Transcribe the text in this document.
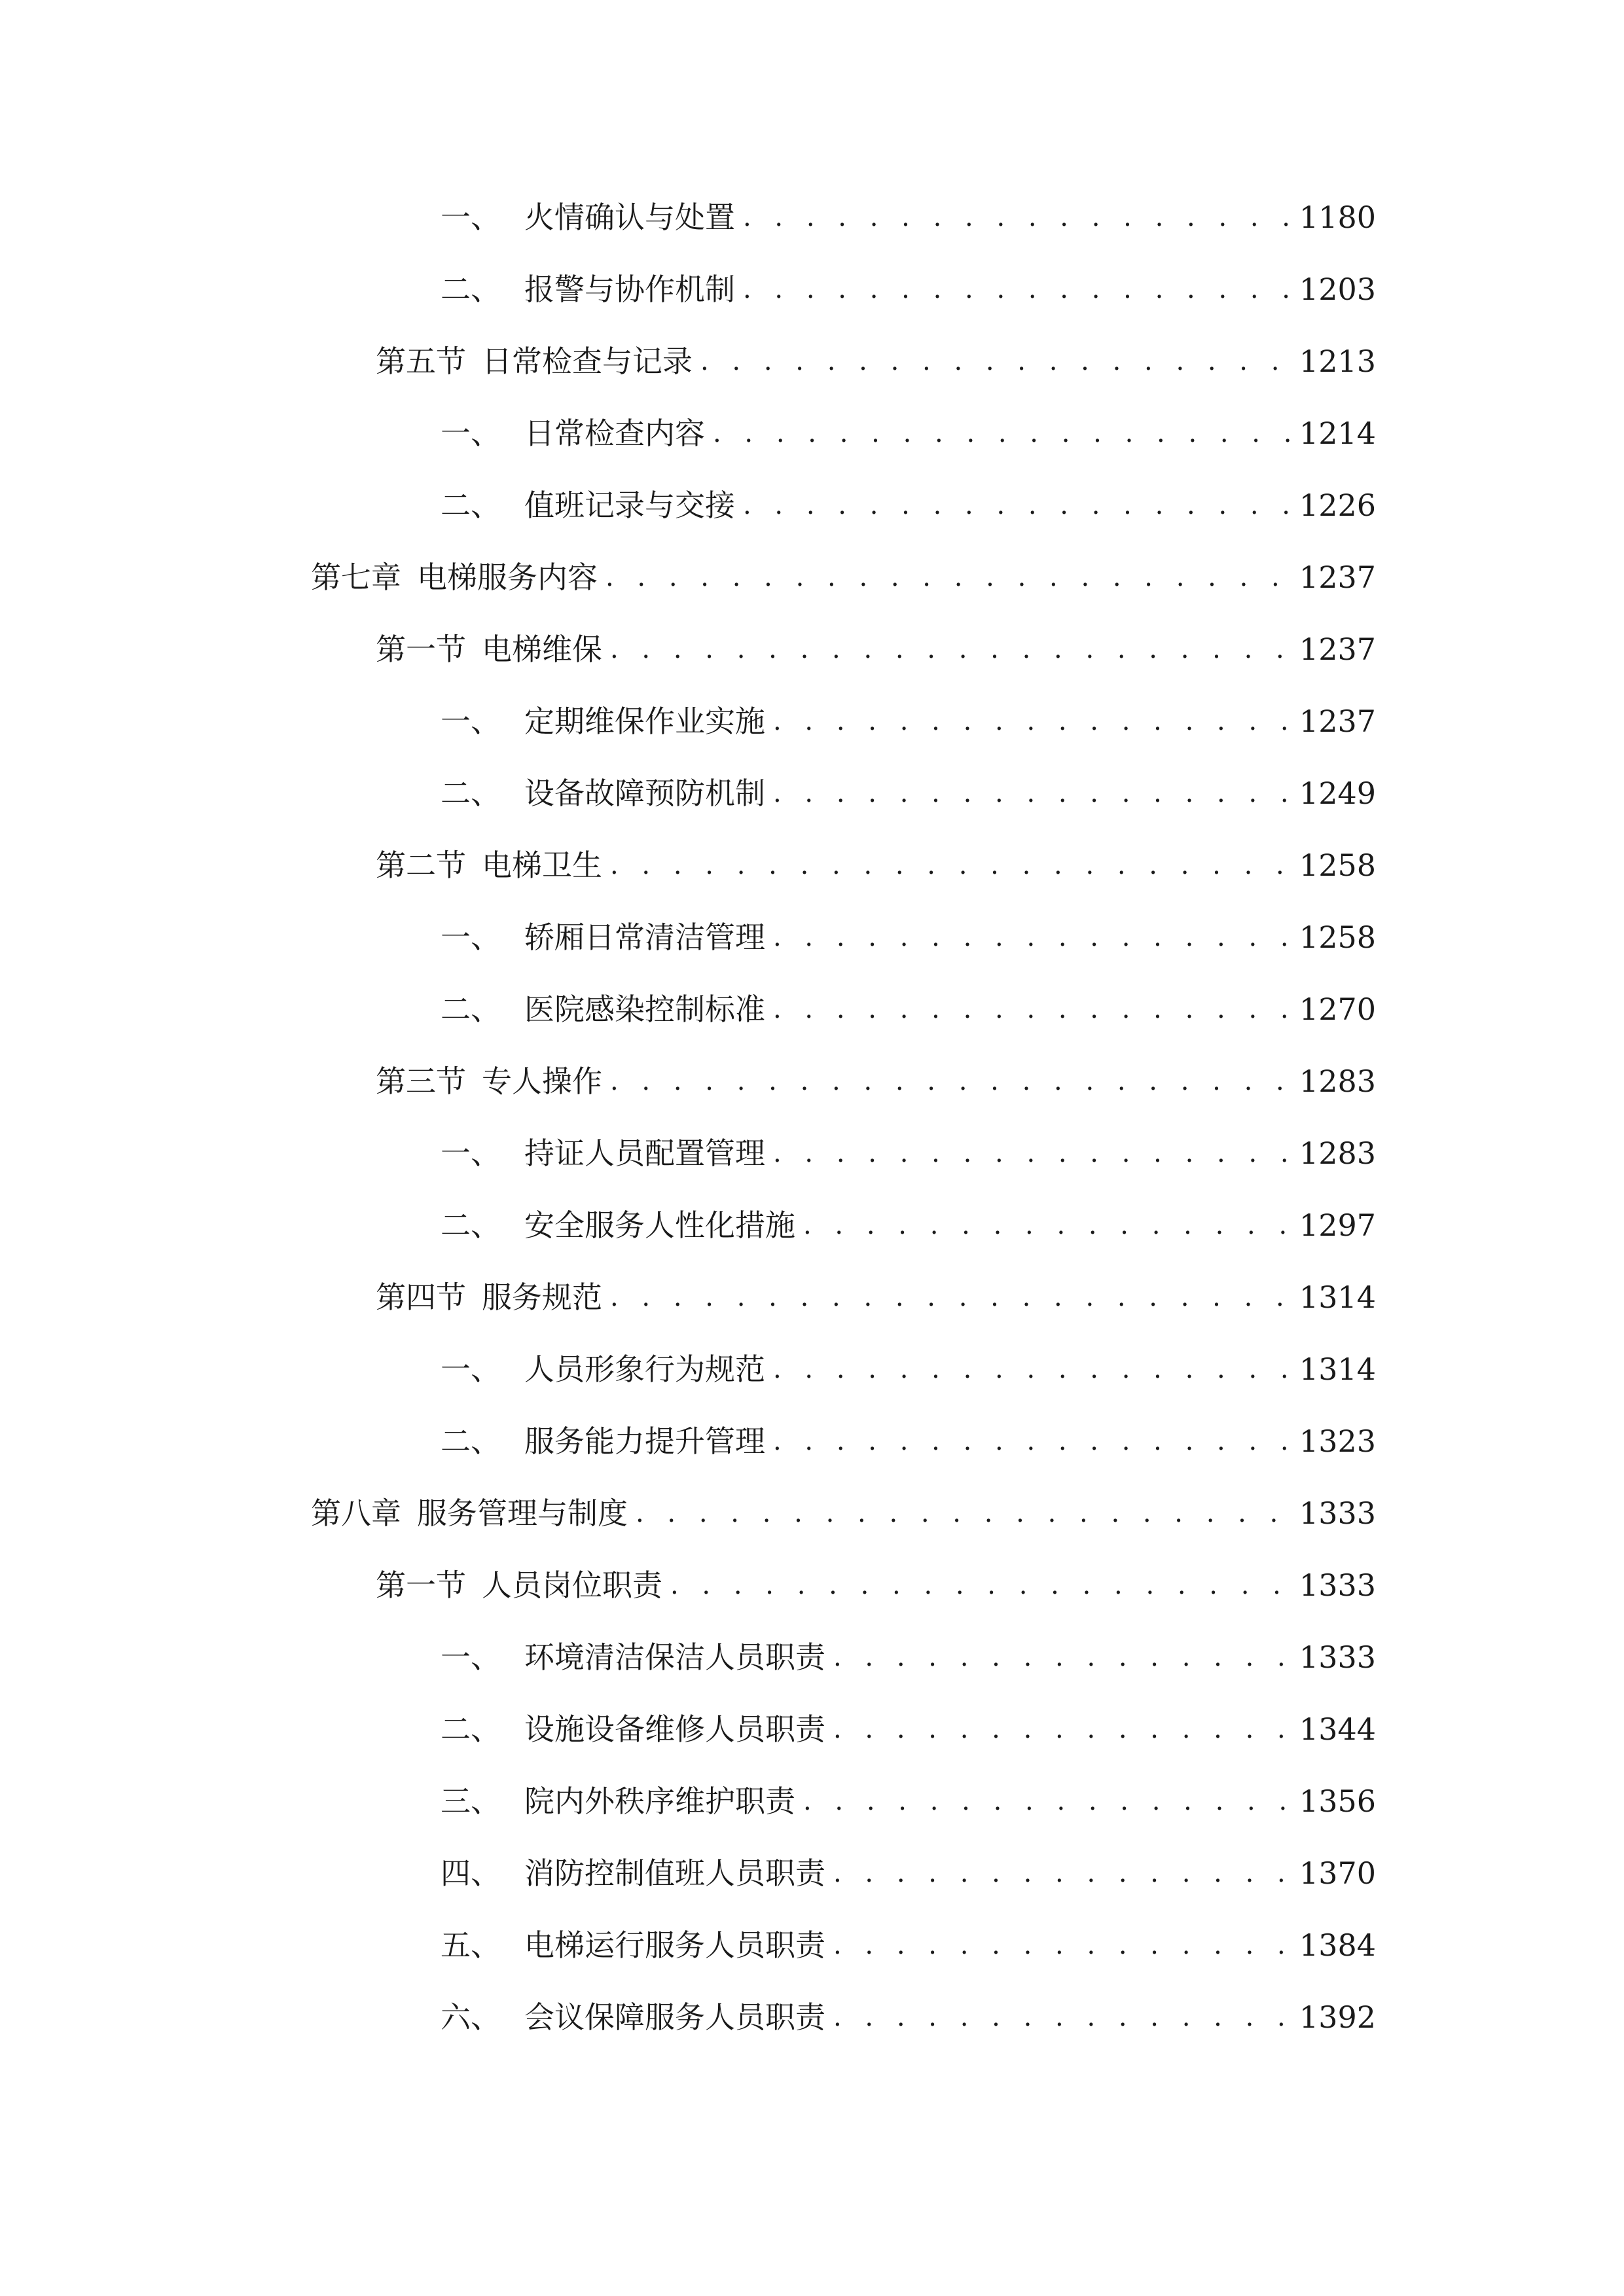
一、 火情确认与处置 . . .	1180
二、 报警与协作机制 . . .	1203
第五节 日常检查与记录 . . .	1213
一、 日常检查内容 . . .	1214
二、 值班记录与交接 . . .	1226
第七章 电梯服务内容 . . .	1237
第一节 电梯维保 . . .	1237
一、 定期维保作业实施 . . .	1237
二、 设备故障预防机制 . . .	1249
第二节 电梯卫生 . . .	1258
一、 轿厢日常清洁管理 . . .	1258
二、 医院感染控制标准 . . .	1270
第三节 专人操作 . . .	1283
一、 持证人员配置管理 . . .	1283
二、 安全服务人性化措施 . . .	1297
第四节 服务规范 . . .	1314
一、 人员形象行为规范 . . .	1314
二、 服务能力提升管理 . . .	1323
第八章 服务管理与制度 . . .	1333
第一节 人员岗位职责 . . .	1333
一、 环境清洁保洁人员职责 . . .	1333
二、 设施设备维修人员职责 . . .	1344
三、 院内外秩序维护职责 . . .	1356
四、 消防控制值班人员职责 . . .	1370
五、 电梯运行服务人员职责 . . .	1384
六、 会议保障服务人员职责 . . .	1392
